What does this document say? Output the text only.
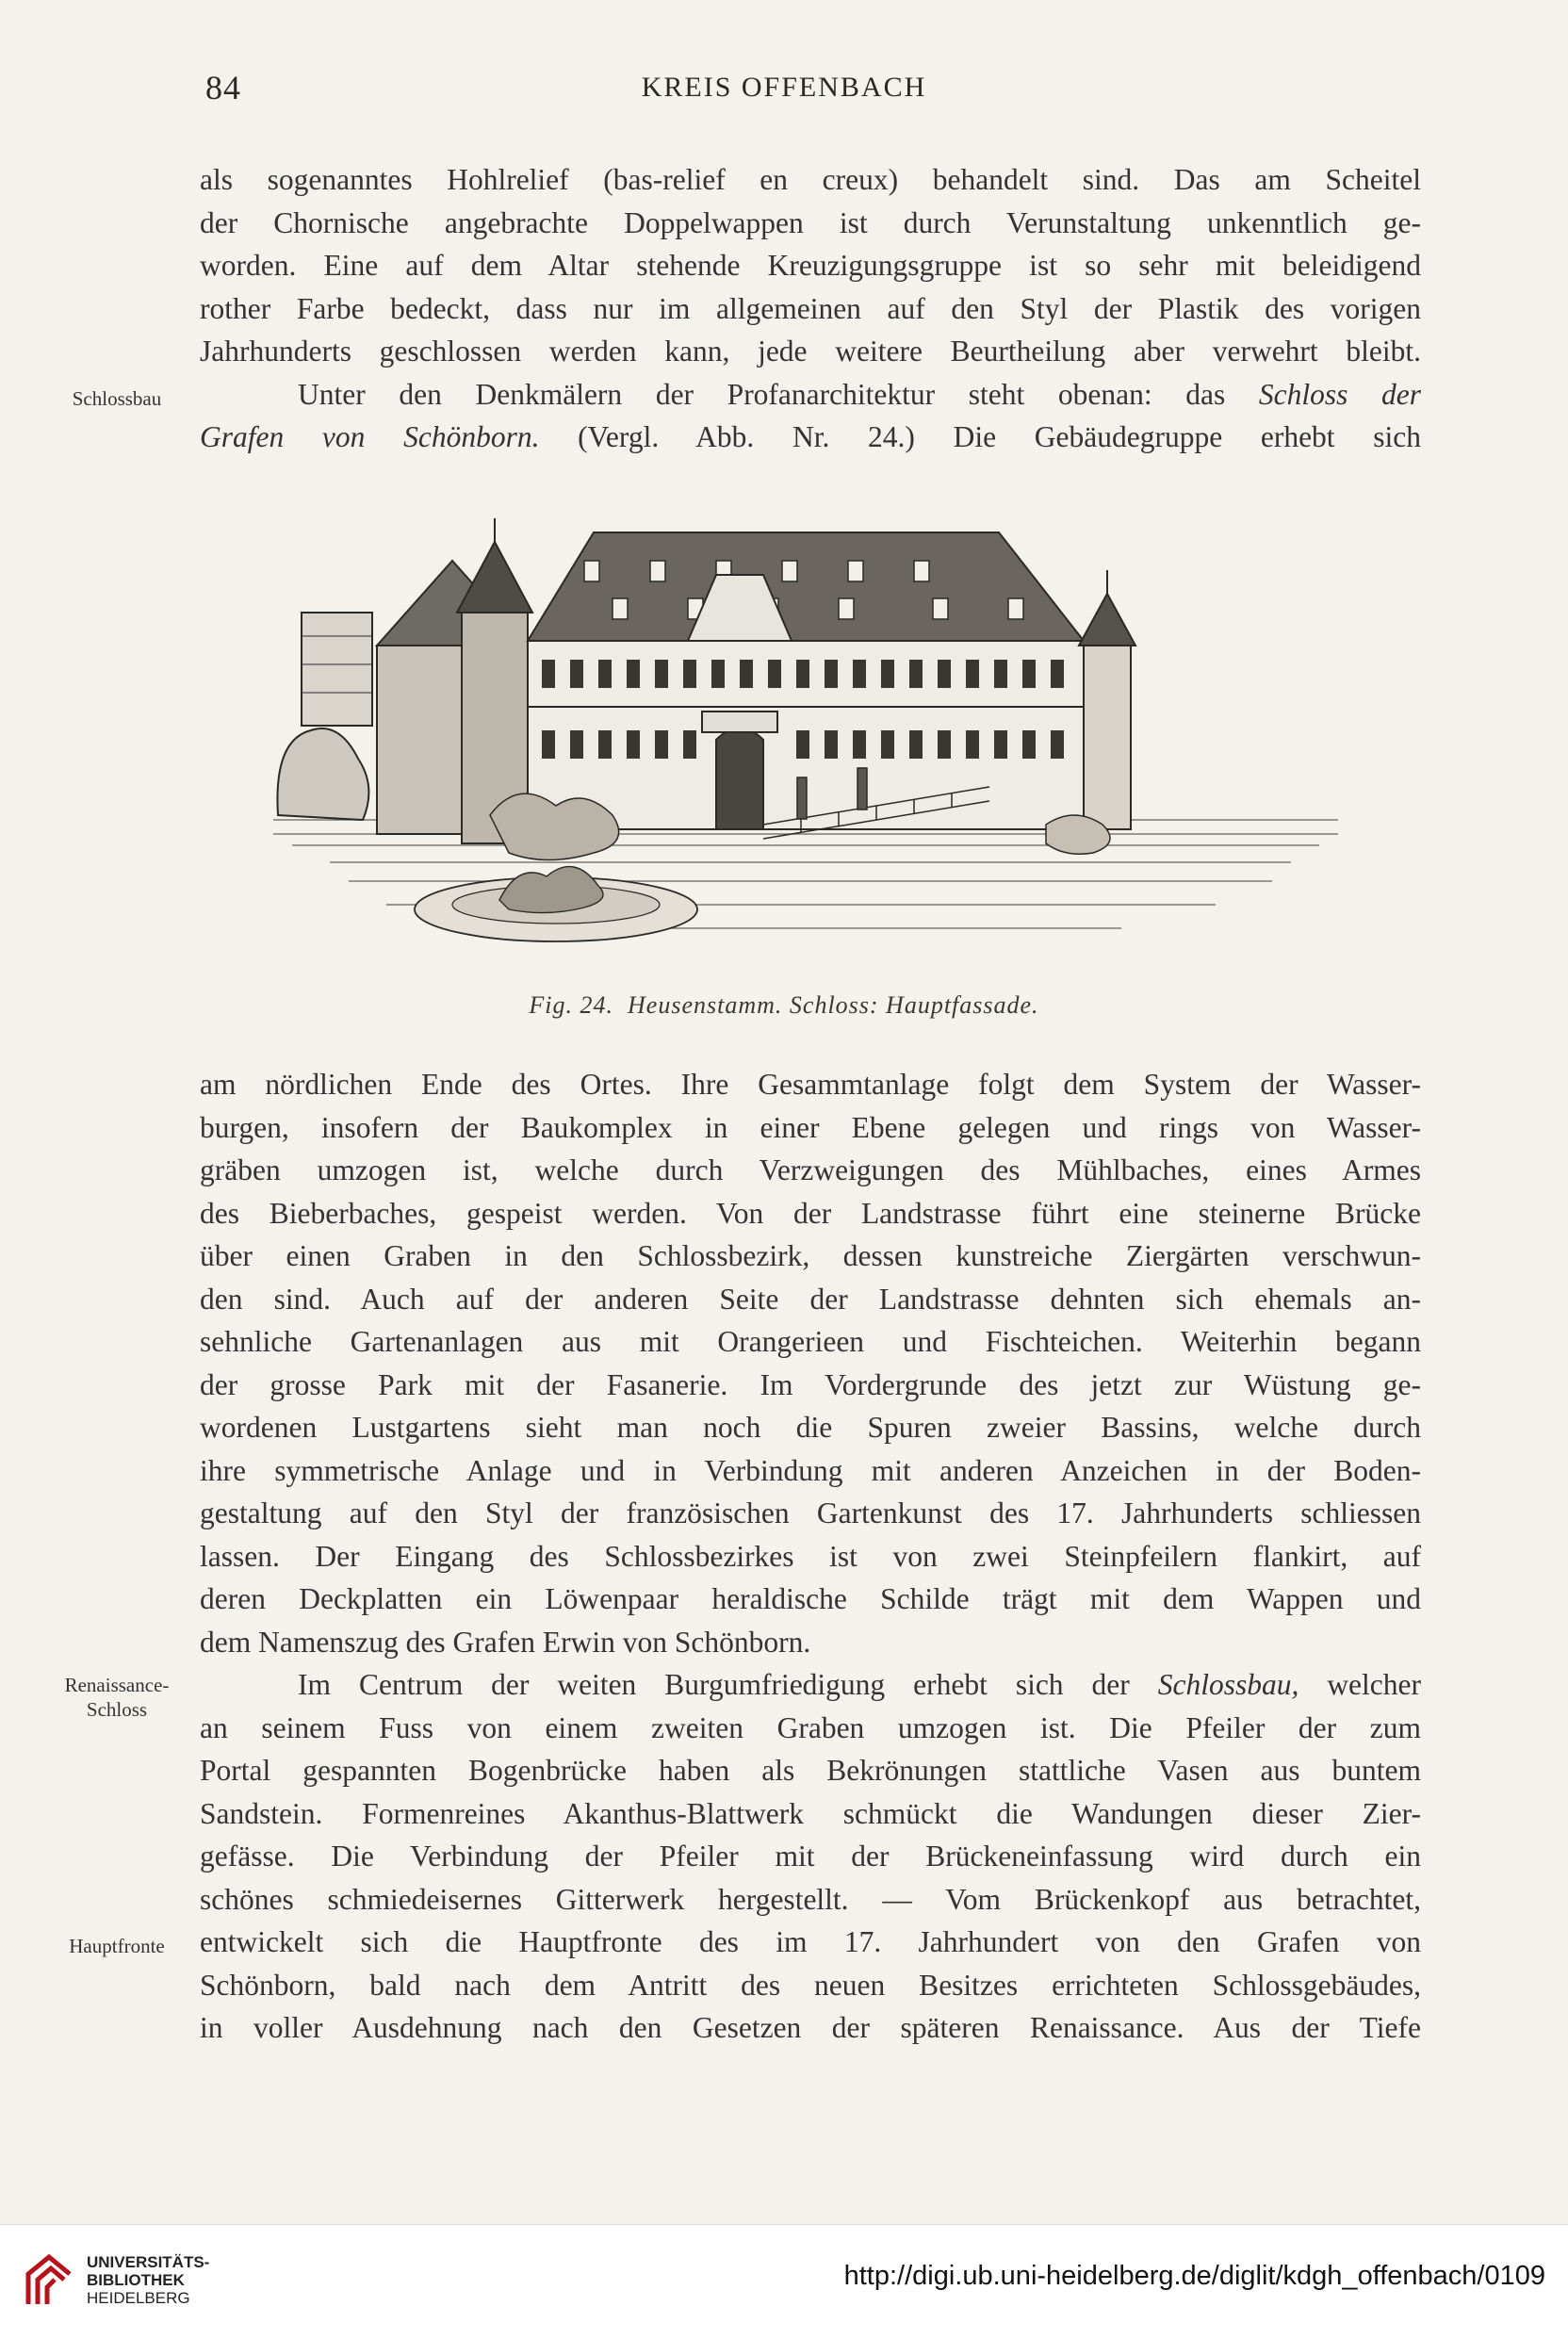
84	KREIS OFFENBACH
als sogenanntes Hohlrelief (bas-relief en creux) behandelt sind. Das am Scheitel
der Chornische angebrachte Doppelwappen ist durch Verunstaltung unkenntlich ge-
worden. Eine auf dem Altar stehende Kreuzigungsgruppe ist so sehr mit beleidigend
rother Farbe bedeckt, dass nur im allgemeinen auf den Styl der Plastik des vorigen
Jahrhunderts geschlossen werden kann, jede weitere Beurtheilung aber verwehrt bleibt.
Unter den Denkmälern der Profanarchitektur steht obenan: das Schloss der
Grafen von Schönborn. (Vergl. Abb. Nr. 24.) Die Gebäudegruppe erhebt sich
Schlossbau
Fig. 24. Heusenstamm. Schloss: Hauptfassade.
am nördlichen Ende des Ortes. Ihre Gesammtanlage folgt dem System der Wasser-
burgen, insofern der Baukomplex in einer Ebene gelegen und rings von Wasser-
gräben umzogen ist, welche durch Verzweigungen des Mühlbaches, eines Armes
des Bieberbaches, gespeist werden. Von der Landstrasse führt eine steinerne Brücke
über einen Graben in den Schlossbezirk, dessen kunstreiche Ziergärten verschwun-
den sind. Auch auf der anderen Seite der Landstrasse dehnten sich ehemals an-
sehnliche Gartenanlagen aus mit Orangerieen und Fischteichen. Weiterhin begann
der grosse Park mit der Fasanerie. Im Vordergrunde des jetzt zur Wüstung ge-
wordenen Lustgartens sieht man noch die Spuren zweier Bassins, welche durch
ihre symmetrische Anlage und in Verbindung mit anderen Anzeichen in der Boden-
gestaltung auf den Styl der französischen Gartenkunst des 17. Jahrhunderts schliessen
lassen. Der Eingang des Schlossbezirkes ist von zwei Steinpfeilern flankirt, auf
deren Deckplatten ein Löwenpaar heraldische Schilde trägt mit dem Wappen und
dem Namenszug des Grafen Erwin von Schönborn.
Im Centrum der weiten Burgumfriedigung erhebt sich der Schlossbau, welcher
an seinem Fuss von einem zweiten Graben umzogen ist. Die Pfeiler der zum
Portal gespannten Bogenbrücke haben als Bekrönungen stattliche Vasen aus buntem
Sandstein. Formenreines Akanthus-Blattwerk schmückt die Wandungen dieser Zier-
gefässe. Die Verbindung der Pfeiler mit der Brückeneinfassung wird durch ein
schönes schmiedeisernes Gitterwerk hergestellt. — Vom Brückenkopf aus betrachtet,
entwickelt sich die Hauptfronte des im 17. Jahrhundert von den Grafen von
Schönborn, bald nach dem Antritt des neuen Besitzes errichteten Schlossgebäudes,
in voller Ausdehnung nach den Gesetzen der späteren Renaissance. Aus der Tiefe
Renaissance-
Schloss
Hauptfronte
UNIVERSITÄTS-
BIBLIOTHEK
HEIDELBERG
http://digi.ub.uni-heidelberg.de/diglit/kdgh_offenbach/0109
